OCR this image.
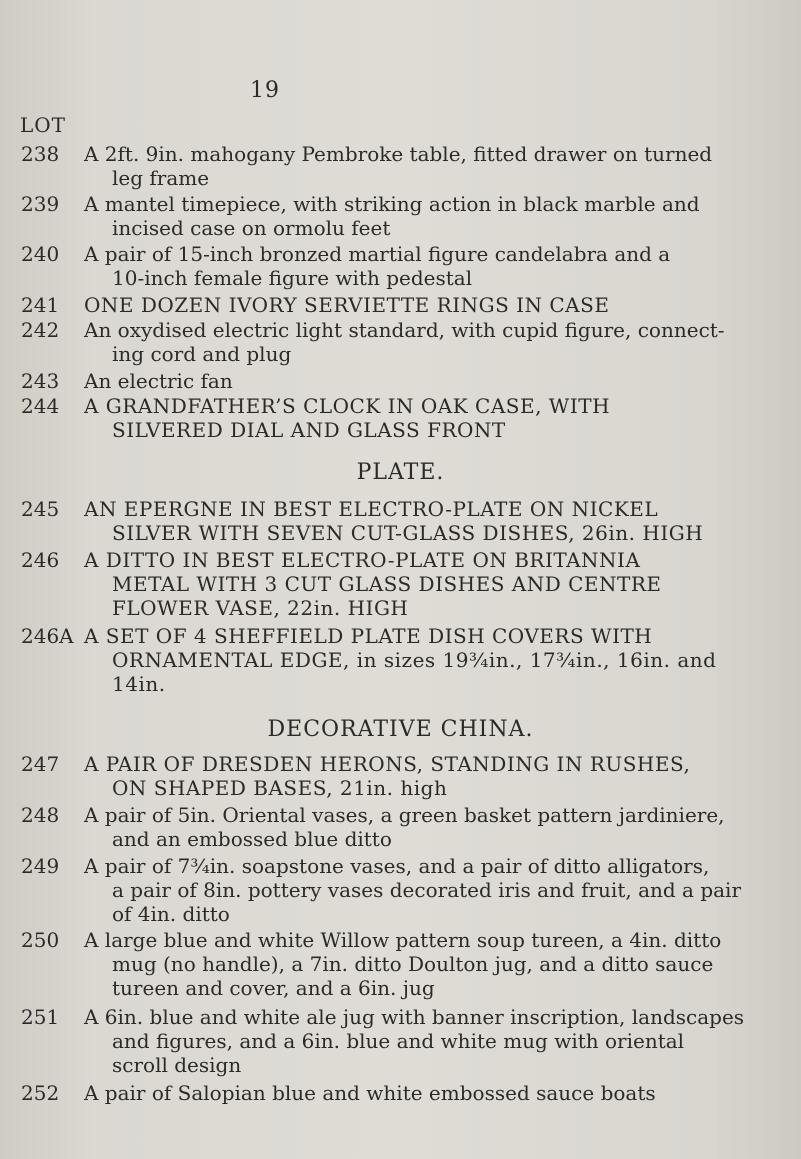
19
LOT
238	A 2ft. 9in. mahogany Pembroke table, fitted drawer on turned
leg frame
239	A mantel timepiece, with striking action in black marble and
incised case on ormolu feet
240	A pair of 15-inch bronzed martial figure candelabra and a
10-inch female figure with pedestal
241	ONE DOZEN IVORY SERVIETTE RINGS IN CASE
242	An oxydised electric light standard, with cupid figure, connect-
ing cord and plug
243	An electric fan
244	A GRANDFATHER’S CLOCK IN OAK CASE, WITH
SILVERED DIAL AND GLASS FRONT
PLATE.
245	AN EPERGNE IN BEST ELECTRO-PLATE ON NICKEL
SILVER WITH SEVEN CUT-GLASS DISHES, 26in. HIGH
246	A DITTO IN BEST ELECTRO-PLATE ON BRITANNIA
METAL WITH 3 CUT GLASS DISHES AND CENTRE
FLOWER VASE, 22in. HIGH
246A A SET OF 4 SHEFFIELD PLATE DISH COVERS WITH
ORNAMENTAL EDGE, in sizes 19¾in., 17¾in., 16in. and
14in.
DECORATIVE CHINA.
247	A PAIR OF DRESDEN HERONS, STANDING IN RUSHES,
ON SHAPED BASES, 21in. high
248	A pair of 5in. Oriental vases, a green basket pattern jardiniere,
and an embossed blue ditto
249	A pair of 7¾in. soapstone vases, and a pair of ditto alligators,
a pair of 8in. pottery vases decorated iris and fruit, and a pair
of 4in. ditto
250	A large blue and white Willow pattern soup tureen, a 4in. ditto
mug (no handle), a 7in. ditto Doulton jug, and a ditto sauce
tureen and cover, and a 6in. jug
251	A 6in. blue and white ale jug with banner inscription, landscapes
and figures, and a 6in. blue and white mug with oriental
scroll design
252	A pair of Salopian blue and white embossed sauce boats
